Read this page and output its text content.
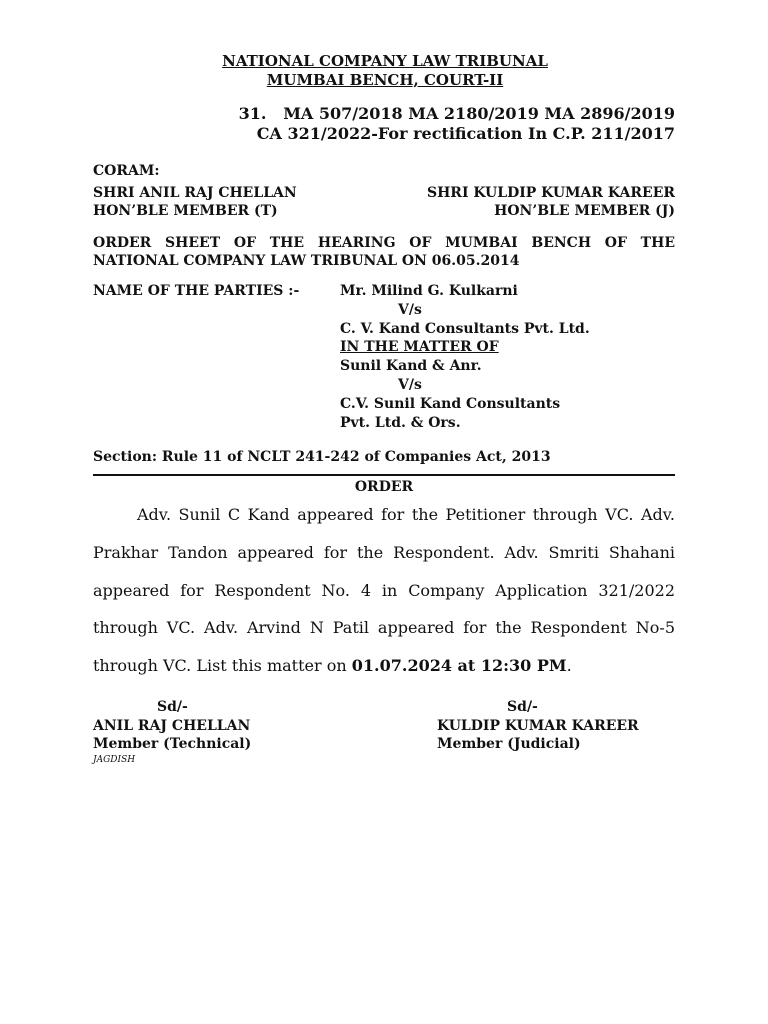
NATIONAL COMPANY LAW TRIBUNAL
MUMBAI BENCH, COURT-II
31.   MA 507/2018 MA 2180/2019 MA 2896/2019
CA 321/2022-For rectification In C.P. 211/2017
CORAM:
SHRI ANIL RAJ CHELLAN
HON’BLE MEMBER (T)
SHRI KULDIP KUMAR KAREER
HON’BLE MEMBER (J)
ORDER SHEET OF THE HEARING OF MUMBAI BENCH OF THE
NATIONAL COMPANY LAW TRIBUNAL ON 06.05.2014
NAME OF THE PARTIES :-	Mr. Milind G. Kulkarni
V/s
C. V. Kand Consultants Pvt. Ltd.
IN THE MATTER OF
Sunil Kand & Anr.
V/s
C.V. Sunil Kand Consultants
Pvt. Ltd. & Ors.
Section: Rule 11 of NCLT 241-242 of Companies Act, 2013
ORDER
Adv. Sunil C Kand appeared for the Petitioner through VC. Adv. Prakhar Tandon appeared for the Respondent. Adv. Smriti Shahani appeared for Respondent No. 4 in Company Application 321/2022 through VC. Adv. Arvind N Patil appeared for the Respondent No-5 through VC. List this matter on 01.07.2024 at 12:30 PM.
Sd/-
ANIL RAJ CHELLAN
Member (Technical)
Sd/-
KULDIP KUMAR KAREER
Member (Judicial)
JAGDISH
